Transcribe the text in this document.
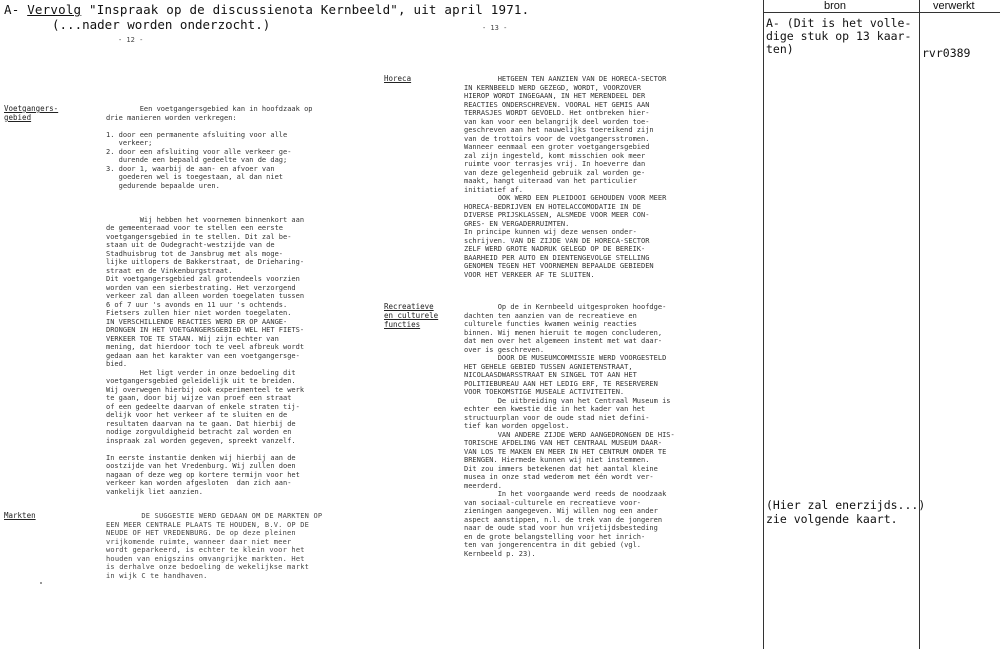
A- Vervolg "Inspraak op de discussienota Kernbeeld", uit april 1971.
(...nader worden onderzocht.)
- 12 -
- 13 -
Voetgangers-
gebied
Een voetgangersgebied kan in hoofdzaak op
drie manieren worden verkregen:

1. door een permanente afsluiting voor alle
verkeer;
2. door een afsluiting voor alle verkeer ge-
durende een bepaald gedeelte van de dag;
3. door 1, waarbij de aan- en afvoer van
goederen wel is toegestaan, al dan niet
gedurende bepaalde uren.

Wij hebben het voornemen binnenkort aan
de gemeenteraad voor te stellen een eerste
voetgangersgebied in te stellen. Dit zal be-
staan uit de Oudegracht-westzijde van de
Stadhuisbrug tot de Jansbrug met als moge-
lijke uitlopers de Bakkerstraat, de Drieharing-
straat en de Vinkenburgstraat.
Dit voetgangersgebied zal grotendeels voorzien
worden van een sierbestrating. Het verzorgend
verkeer zal dan alleen worden toegelaten tussen
6 of 7 uur 's avonds en 11 uur 's ochtends.
Fietsers zullen hier niet worden toegelaten.
IN VERSCHILLENDE REACTIES WERD ER OP AANGE-
DRONGEN IN HET VOETGANGERSGEBIED WEL HET FIETS-
VERKEER TOE TE STAAN. Wij zijn echter van
mening, dat hierdoor toch te veel afbreuk wordt
gedaan aan het karakter van een voetgangersge-
bied.
Het ligt verder in onze bedoeling dit
voetgangersgebied geleidelijk uit te breiden.
Wij overwegen hierbij ook experimenteel te werk
te gaan, door bij wijze van proef een straat
of een gedeelte daarvan of enkele straten tij-
delijk voor het verkeer af te sluiten en de
resultaten daarvan na te gaan. Dat hierbij de
nodige zorgvuldigheid betracht zal worden en
inspraak zal worden gegeven, spreekt vanzelf.

In eerste instantie denken wij hierbij aan de
oostzijde van het Vredenburg. Wij zullen doen
nagaan of deze weg op kortere termijn voor het
verkeer kan worden afgesloten  dan zich aan-
vankelijk liet aanzien.
Markten	DE SUGGESTIE WERD GEDAAN OM DE MARKTEN OP
EEN MEER CENTRALE PLAATS TE HOUDEN, B.V. OP DE
NEUDE OF HET VREDENBURG. De op deze pleinen
vrijkomende ruimte, wanneer daar niet meer
wordt geparkeerd, is echter te klein voor het
houden van enigszins omvangrijke markten. Het
is derhalve onze bedoeling de wekelijkse markt
in wijk C te handhaven.
Horeca	HETGEEN TEN AANZIEN VAN DE HORECA-SECTOR
IN KERNBEELD WERD GEZEGD, WORDT, VOORZOVER
HIEROP WORDT INGEGAAN, IN HET MERENDEEL DER
REACTIES ONDERSCHREVEN. VOORAL HET GEMIS AAN
TERRASJES WORDT GEVOELD. Het ontbreken hier-
van kan voor een belangrijk deel worden toe-
geschreven aan het nauwelijks toereikend zijn
van de trottoirs voor de voetgangersstromen.
Wanneer eenmaal een groter voetgangersgebied
zal zijn ingesteld, komt misschien ook meer
ruimte voor terrasjes vrij. In hoeverre dan
van deze gelegenheid gebruik zal worden ge-
maakt, hangt uiteraad van het particulier
initiatief af.
OOK WERD EEN PLEIDOOI GEHOUDEN VOOR MEER
HORECA-BEDRIJVEN EN HOTELACCOMODATIE IN DE
DIVERSE PRIJSKLASSEN, ALSMEDE VOOR MEER CON-
GRES- EN VERGADERRUIMTEN.
In principe kunnen wij deze wensen onder-
schrijven. VAN DE ZIJDE VAN DE HORECA-SECTOR
ZELF WERD GROTE NADRUK GELEGD OP DE BEREIK-
BAARHEID PER AUTO EN DIENTENGEVOLGE STELLING
GENOMEN TEGEN HET VOORNEMEN BEPAALDE GEBIEDEN
VOOR HET VERKEER AF TE SLUITEN.
Recreatieve
en culturele
functies
Op de in Kernbeeld uitgesproken hoofdge-
dachten ten aanzien van de recreatieve en
culturele functies kwamen weinig reacties
binnen. Wij menen hieruit te mogen concluderen,
dat men over het algemeen instemt met wat daar-
over is geschreven.
DOOR DE MUSEUMCOMMISSIE WERD VOORGESTELD
HET GEHELE GEBIED TUSSEN AGNIETENSTRAAT,
NICOLAASDWARSSTRAAT EN SINGEL TOT AAN HET
POLITIEBUREAU AAN HET LEDIG ERF, TE RESERVEREN
VOOR TOEKOMSTIGE MUSEALE ACTIVITEITEN.
De uitbreiding van het Centraal Museum is
echter een kwestie die in het kader van het
structuurplan voor de oude stad niet defini-
tief kan worden opgelost.
VAN ANDERE ZIJDE WERD AANGEDRONGEN DE HIS-
TORISCHE AFDELING VAN HET CENTRAAL MUSEUM DAAR-
VAN LOS TE MAKEN EN MEER IN HET CENTRUM ONDER TE
BRENGEN. Hiermede kunnen wij niet instemmen.
Dit zou immers betekenen dat het aantal kleine
musea in onze stad wederom met één wordt ver-
meerderd.
In het voorgaande werd reeds de noodzaak
van sociaal-culturele en recreatieve voor-
zieningen aangegeven. Wij willen nog een ander
aspect aanstippen, n.l. de trek van de jongeren
naar de oude stad voor hun vrijetijdsbesteding
en de grote belangstelling voor het inrich-
ten van jongerencentra in dit gebied (vgl.
Kernbeeld p. 23).
bron	verwerkt
A- (Dit is het volle-
dige stuk op 13 kaar-
ten)	rvr0389
(Hier zal enerzijds...)
zie volgende kaart.
